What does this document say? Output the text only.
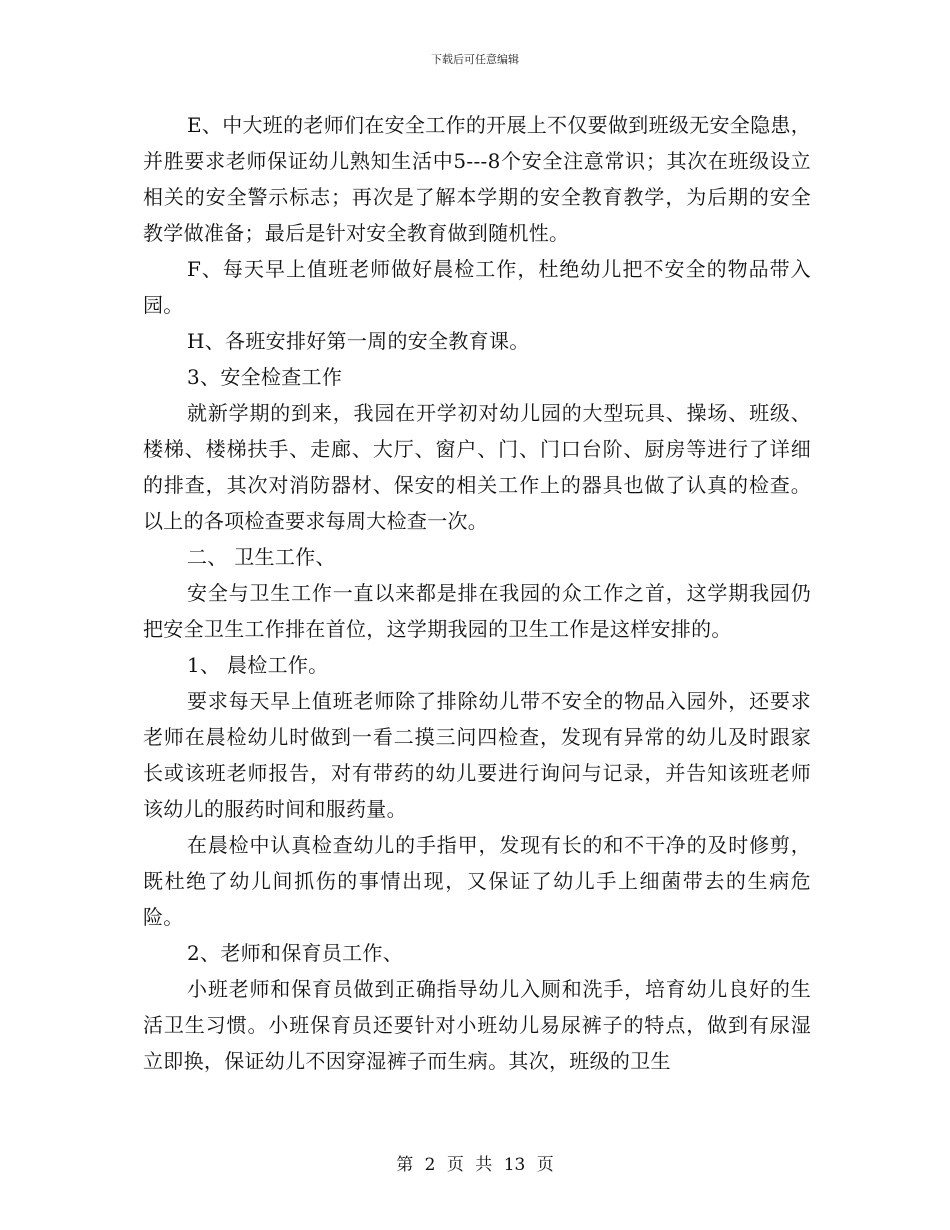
下载后可任意编辑

E、中大班的老师们在安全工作的开展上不仅要做到班级无安全隐患，并胜要求老师保证幼儿熟知生活中5---8个安全注意常识；其次在班级设立相关的安全警示标志；再次是了解本学期的安全教育教学，为后期的安全教学做准备；最后是针对安全教育做到随机性。

F、每天早上值班老师做好晨检工作，杜绝幼儿把不安全的物品带入园。

H、各班安排好第一周的安全教育课。

3、安全检查工作

就新学期的到来，我园在开学初对幼儿园的大型玩具、操场、班级、楼梯、楼梯扶手、走廊、大厅、窗户、门、门口台阶、厨房等进行了详细的排查，其次对消防器材、保安的相关工作上的器具也做了认真的检查。以上的各项检查要求每周大检查一次。

二、 卫生工作、

安全与卫生工作一直以来都是排在我园的众工作之首，这学期我园仍把安全卫生工作排在首位，这学期我园的卫生工作是这样安排的。

1、 晨检工作。

要求每天早上值班老师除了排除幼儿带不安全的物品入园外，还要求老师在晨检幼儿时做到一看二摸三问四检查，发现有异常的幼儿及时跟家长或该班老师报告，对有带药的幼儿要进行询问与记录，并告知该班老师该幼儿的服药时间和服药量。

在晨检中认真检查幼儿的手指甲，发现有长的和不干净的及时修剪，既杜绝了幼儿间抓伤的事情出现，又保证了幼儿手上细菌带去的生病危险。

2、老师和保育员工作、

小班老师和保育员做到正确指导幼儿入厕和洗手，培育幼儿良好的生活卫生习惯。小班保育员还要针对小班幼儿易尿裤子的特点，做到有尿湿立即换，保证幼儿不因穿湿裤子而生病。其次，班级的卫生

第 2 页 共 13 页
